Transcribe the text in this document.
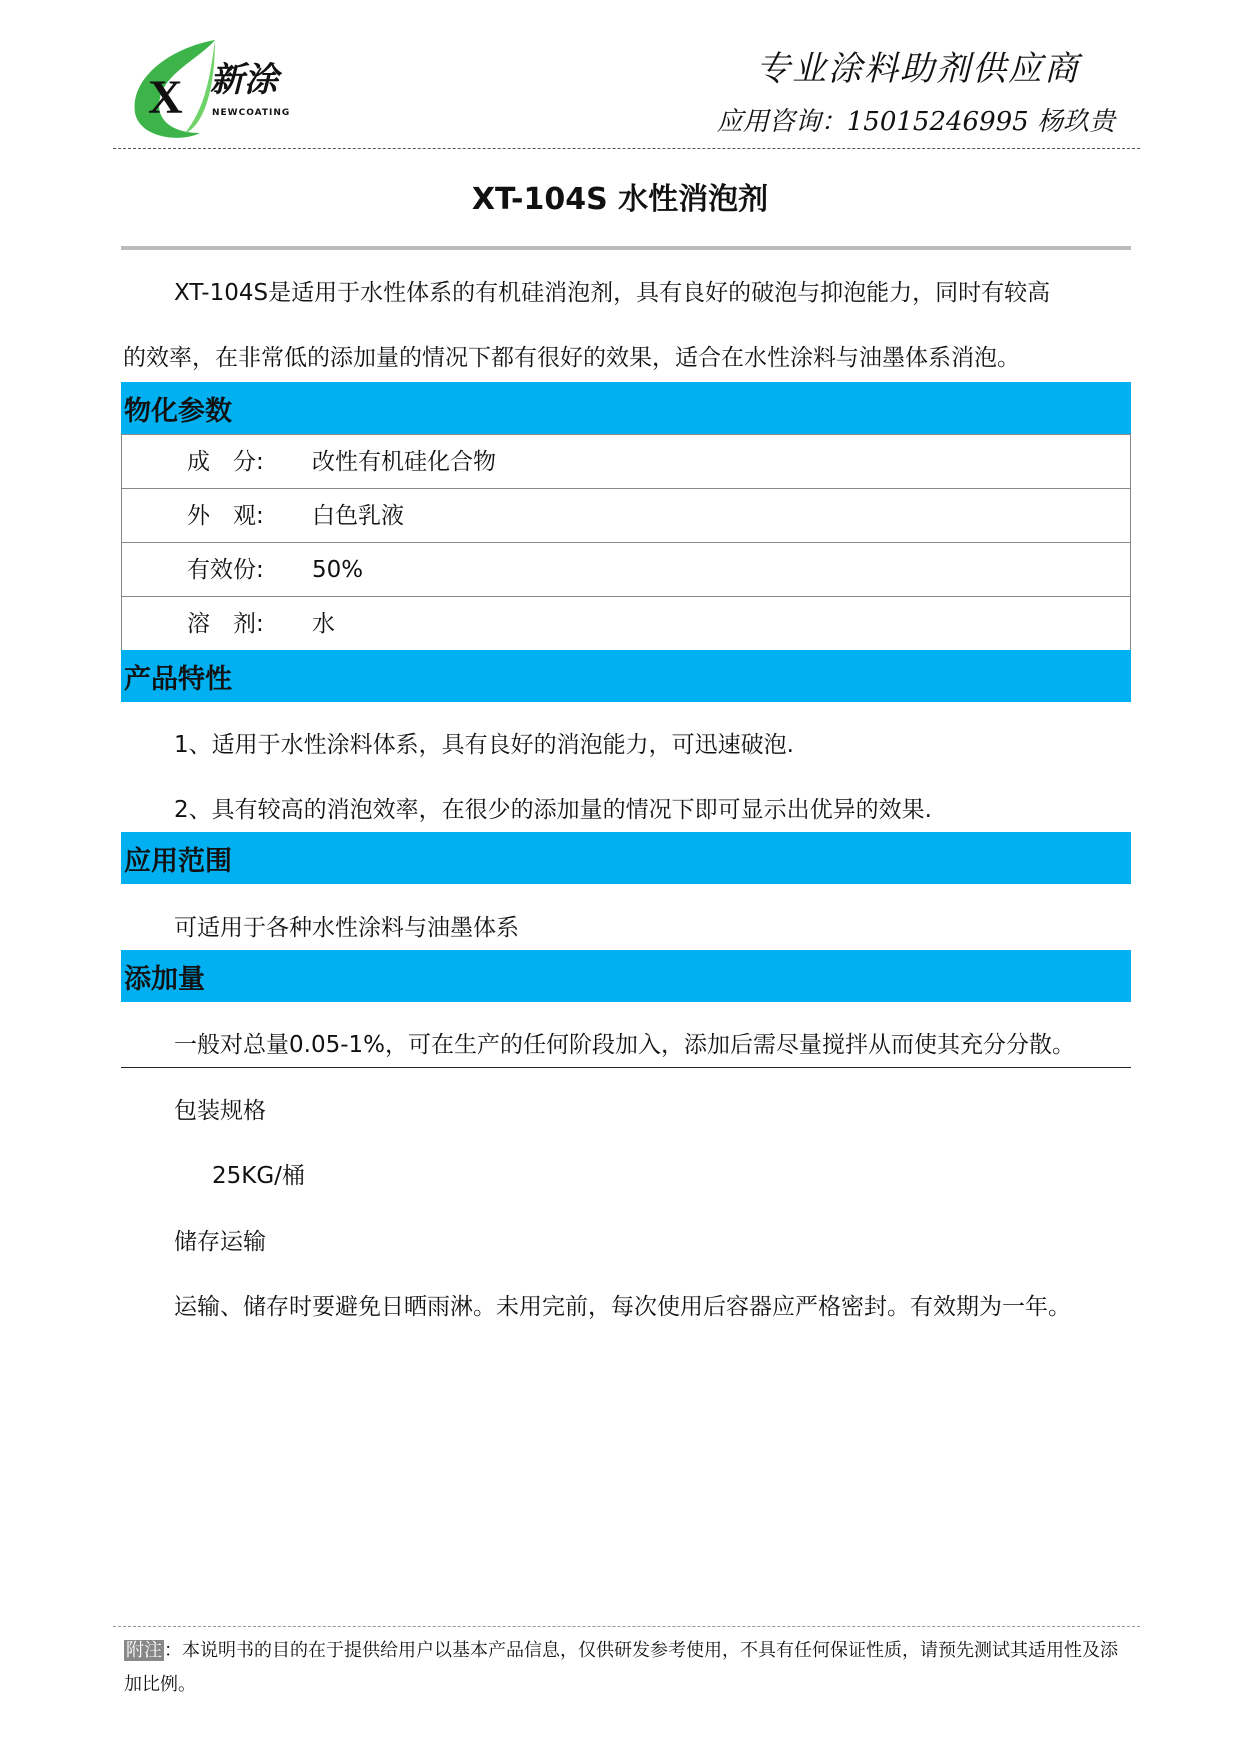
X 新涂
NEWCOATING
专业涂料助剂供应商
应用咨询：15015246995 杨玖贵
XT-104S 水性消泡剂
XT-104S是适用于水性体系的有机硅消泡剂，具有良好的破泡与抑泡能力，同时有较高
的效率，在非常低的添加量的情况下都有很好的效果，适合在水性涂料与油墨体系消泡。
物化参数
成　分:	改性有机硅化合物
外　观:	白色乳液
有效份:	50%
溶　剂:	水
产品特性
1、适用于水性涂料体系，具有良好的消泡能力，可迅速破泡.
2、具有较高的消泡效率，在很少的添加量的情况下即可显示出优异的效果.
应用范围
可适用于各种水性涂料与油墨体系
添加量
一般对总量0.05-1%，可在生产的任何阶段加入，添加后需尽量搅拌从而使其充分分散。
包装规格
25KG/桶
储存运输
运输、储存时要避免日晒雨淋。未用完前，每次使用后容器应严格密封。有效期为一年。
附注 ：本说明书的目的在于提供给用户以基本产品信息，仅供研发参考使用，不具有任何保证性质，请预先测试其适用性及添加比例。
